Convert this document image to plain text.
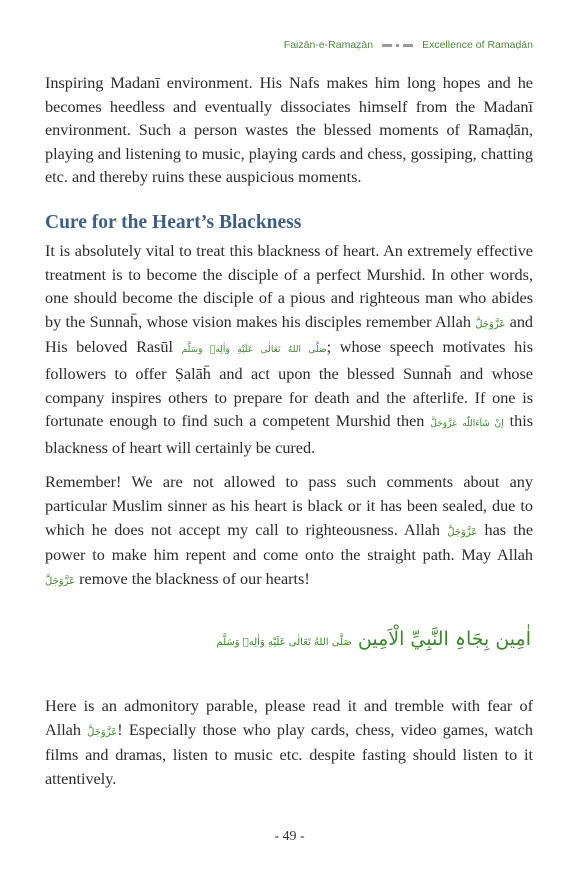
Faizān-e-Ramaz̤ān	Excellence of Ramaḍān

Inspiring Madanī environment. His Nafs makes him long hopes and he becomes heedless and eventually dissociates himself from the Madanī environment. Such a person wastes the blessed moments of Ramaḍān, playing and listening to music, playing cards and chess, gossiping, chatting etc. and thereby ruins these auspicious moments.

Cure for the Heart’s Blackness

It is absolutely vital to treat this blackness of heart. An extremely effective treatment is to become the disciple of a perfect Murshid. In other words, one should become the disciple of a pious and righteous man who abides by the Sunnah̄, whose vision makes his disciples remember Allah عَزَّوَجَلَّ and His beloved Rasūl صَلَّى اللهُ تَعَالٰى عَلَيْهِ وَاٰلِهٖ وَسَلَّم; whose speech motivates his followers to offer Ṣalāh̄ and act upon the blessed Sunnah̄ and whose company inspires others to prepare for death and the afterlife. If one is fortunate enough to find such a competent Murshid then اِنْ شَآءَاللّٰه عَزَّوَجَلَّ this blackness of heart will certainly be cured.

Remember! We are not allowed to pass such comments about any particular Muslim sinner as his heart is black or it has been sealed, due to which he does not accept my call to righteousness. Allah عَزَّوَجَلَّ has the power to make him repent and come onto the straight path. May Allah عَزَّوَجَلَّ remove the blackness of our hearts!

اٰمِين بِجَاہِ النَّبِيِّ الْاَمِين صَلَّى اللهُ تَعَالٰى عَلَيْهِ وَاٰلِهٖ وَسَلَّم

Here is an admonitory parable, please read it and tremble with fear of Allah عَزَّوَجَلَّ! Especially those who play cards, chess, video games, watch films and dramas, listen to music etc. despite fasting should listen to it attentively.

- 49 -
